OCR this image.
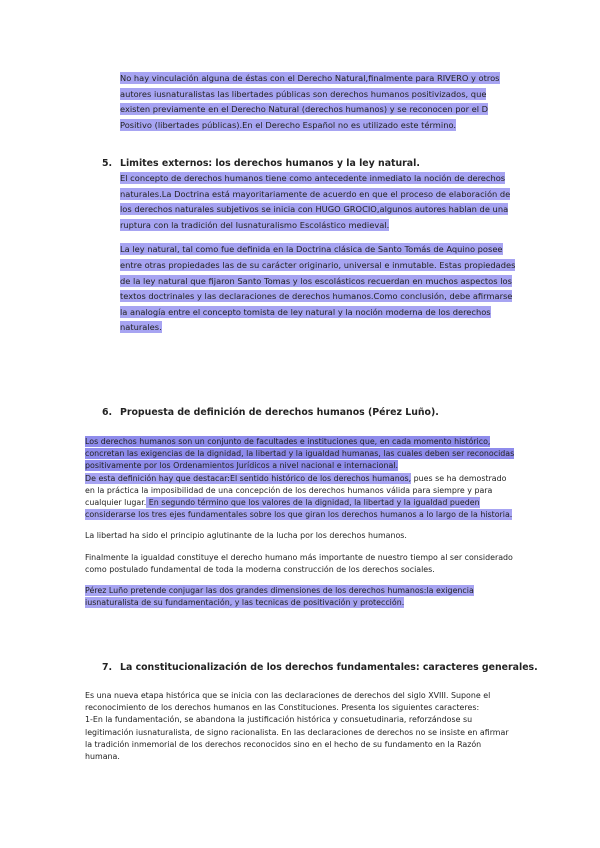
No hay vinculación alguna de éstas con el Derecho Natural,finalmente para RIVERO y otros autores iusnaturalistas las libertades públicas son derechos humanos positivizados, que existen previamente en el Derecho Natural (derechos humanos) y se reconocen por el D Positivo (libertades públicas).En el Derecho Español no es utilizado este término.

5. Limites externos: los derechos humanos y la ley natural.

El concepto de derechos humanos tiene como antecedente inmediato la noción de derechos naturales.La Doctrina está mayoritariamente de acuerdo en que el proceso de elaboración de los derechos naturales subjetivos se inicia con HUGO GROCIO,algunos autores hablan de una ruptura con la tradición del Iusnaturalismo Escolástico medieval.

La ley natural, tal como fue definida en la Doctrina clásica de Santo Tomás de Aquino posee entre otras propiedades las de su carácter originario, universal e inmutable. Estas propiedades de la ley natural que fijaron Santo Tomas y los escolásticos recuerdan en muchos aspectos los textos doctrinales y las declaraciones de derechos humanos.Como conclusión, debe afirmarse la analogía entre el concepto tomista de ley natural y la noción moderna de los derechos naturales.

6. Propuesta de definición de derechos humanos (Pérez Luño).

Los derechos humanos son un conjunto de facultades e instituciones que, en cada momento histórico, concretan las exigencias de la dignidad, la libertad y la igualdad humanas, las cuales deben ser reconocidas positivamente por los Ordenamientos Jurídicos a nivel nacional e internacional.

De esta definición hay que destacar:El sentido histórico de los derechos humanos, pues se ha demostrado en la práctica la imposibilidad de una concepción de los derechos humanos válida para siempre y para cualquier lugar. En segundo término que los valores de la dignidad, la libertad y la igualdad pueden considerarse los tres ejes fundamentales sobre los que giran los derechos humanos a lo largo de la historia.

La libertad ha sido el principio aglutinante de la lucha por los derechos humanos.

Finalmente la igualdad constituye el derecho humano más importante de nuestro tiempo al ser considerado como postulado fundamental de toda la moderna construcción de los derechos sociales.

Pérez Luño pretende conjugar las dos grandes dimensiones de los derechos humanos:la exigencia iusnaturalista de su fundamentación, y las tecnicas de positivación y protección.

7. La constitucionalización de los derechos fundamentales: caracteres generales.

Es una nueva etapa histórica que se inicia con las declaraciones de derechos del siglo XVIII. Supone el reconocimiento de los derechos humanos en las Constituciones. Presenta los siguientes caracteres:

1-En la fundamentación, se abandona la justificación histórica y consuetudinaria, reforzándose su legitimación iusnaturalista, de signo racionalista. En las declaraciones de derechos no se insiste en afirmar la tradición inmemorial de los derechos reconocidos sino en el hecho de su fundamento en la Razón humana.
